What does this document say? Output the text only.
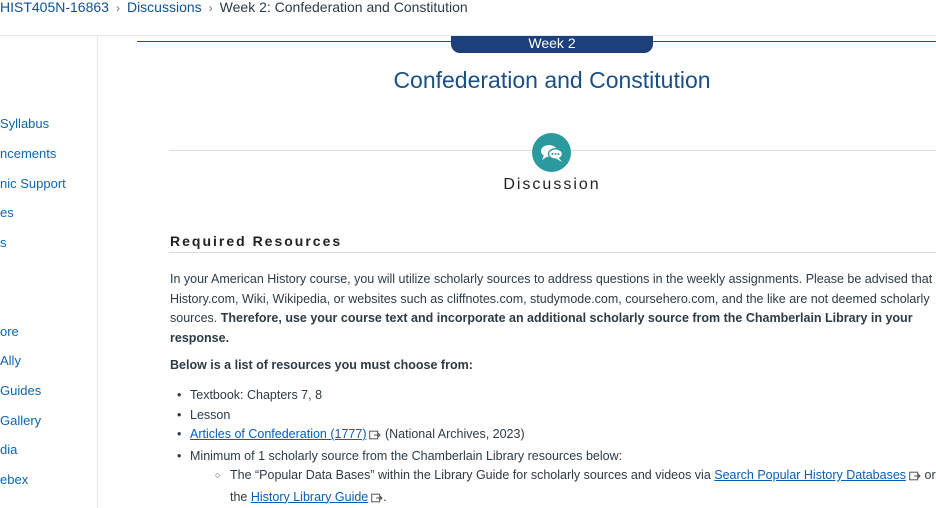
HIST405N-16863 › Discussions › Week 2: Confederation and Constitution
Syllabus
ncements
nic Support
es
s
ore
Ally
Guides
Gallery
dia
ebex
Week 2
Confederation and Constitution
Discussion
Required Resources

In your American History course, you will utilize scholarly sources to address questions in the weekly assignments. Please be advised that History.com, Wiki, Wikipedia, or websites such as cliffnotes.com, studymode.com, coursehero.com, and the like are not deemed scholarly sources. Therefore, use your course text and incorporate an additional scholarly source from the Chamberlain Library in your response.

Below is a list of resources you must choose from:

• Textbook: Chapters 7, 8
• Lesson
• Articles of Confederation (1777) (National Archives, 2023)
• Minimum of 1 scholarly source from the Chamberlain Library resources below:
○ The “Popular Data Bases” within the Library Guide for scholarly sources and videos via Search Popular History Databases or the History Library Guide .
